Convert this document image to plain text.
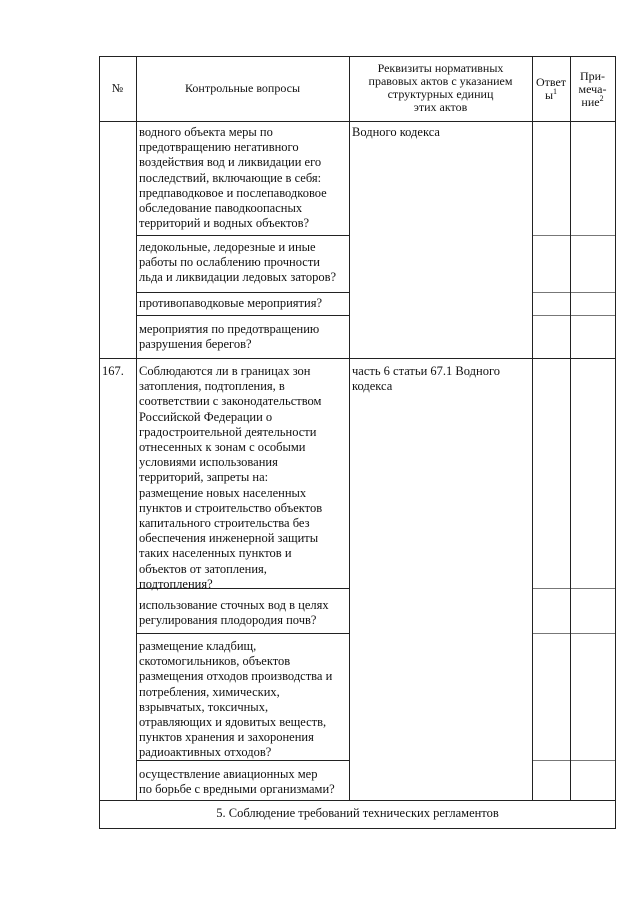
№	Контрольные вопросы
Реквизиты нормативных
правовых актов с указанием
структурных единиц
этих актов
Ответ
$ы^1$
При-
меча-
ние$^2$
водного объекта меры по
предотвращению негативного
воздействия вод и ликвидации его
последствий, включающие в себя:
предпаводковое и послепаводковое
обследование паводкоопасных
территорий и водных объектов?
Водного кодекса
ледокольные, ледорезные и иные
работы по ослаблению прочности
льда и ликвидации ледовых заторов?
противопаводковые мероприятия?
мероприятия по предотвращению
разрушения берегов?
167.	Соблюдаются ли в границах зон
затопления, подтопления, в
соответствии с законодательством
Российской Федерации о
градостроительной деятельности
отнесенных к зонам с особыми
условиями использования
территорий, запреты на:
размещение новых населенных
пунктов и строительство объектов
капитального строительства без
обеспечения инженерной защиты
таких населенных пунктов и
объектов от затопления,
подтопления?
часть 6 статьи 67.1 Водного
кодекса
использование сточных вод в целях
регулирования плодородия почв?
размещение кладбищ,
скотомогильников, объектов
размещения отходов производства и
потребления, химических,
взрывчатых, токсичных,
отравляющих и ядовитых веществ,
пунктов хранения и захоронения
радиоактивных отходов?
осуществление авиационных мер
по борьбе с вредными организмами?
5. Соблюдение требований технических регламентов
